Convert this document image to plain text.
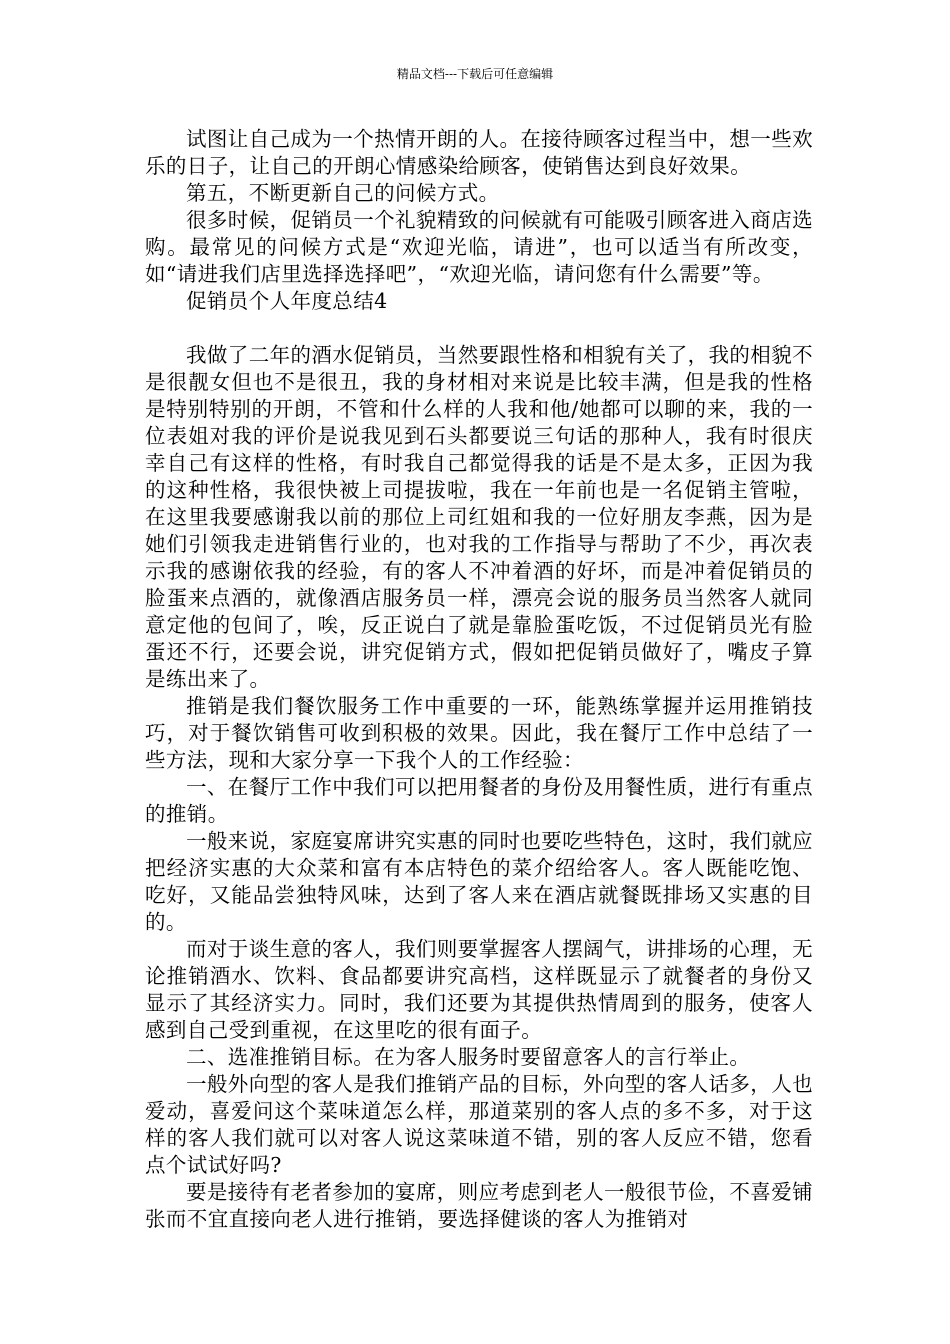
精品文档---下载后可任意编辑

试图让自己成为一个热情开朗的人。在接待顾客过程当中，想一些欢乐的日子，让自己的开朗心情感染给顾客，使销售达到良好效果。

第五，不断更新自己的问候方式。

很多时候，促销员一个礼貌精致的问候就有可能吸引顾客进入商店选购。最常见的问候方式是“欢迎光临，请进”，也可以适当有所改变，如“请进我们店里选择选择吧”，“欢迎光临，请问您有什么需要”等。

促销员个人年度总结4

我做了二年的酒水促销员，当然要跟性格和相貌有关了，我的相貌不是很靓女但也不是很丑，我的身材相对来说是比较丰满，但是我的性格是特别特别的开朗，不管和什么样的人我和他/她都可以聊的来，我的一位表姐对我的评价是说我见到石头都要说三句话的那种人，我有时很庆幸自己有这样的性格，有时我自己都觉得我的话是不是太多，正因为我的这种性格，我很快被上司提拔啦，我在一年前也是一名促销主管啦，在这里我要感谢我以前的那位上司红姐和我的一位好朋友李燕，因为是她们引领我走进销售行业的，也对我的工作指导与帮助了不少，再次表示我的感谢依我的经验，有的客人不冲着酒的好坏，而是冲着促销员的脸蛋来点酒的，就像酒店服务员一样，漂亮会说的服务员当然客人就同意定他的包间了，唉，反正说白了就是靠脸蛋吃饭，不过促销员光有脸蛋还不行，还要会说，讲究促销方式，假如把促销员做好了，嘴皮子算是练出来了。

推销是我们餐饮服务工作中重要的一环，能熟练掌握并运用推销技巧，对于餐饮销售可收到积极的效果。因此，我在餐厅工作中总结了一些方法，现和大家分享一下我个人的工作经验：

一、在餐厅工作中我们可以把用餐者的身份及用餐性质，进行有重点的推销。

一般来说，家庭宴席讲究实惠的同时也要吃些特色，这时，我们就应把经济实惠的大众菜和富有本店特色的菜介绍给客人。客人既能吃饱、吃好，又能品尝独特风味，达到了客人来在酒店就餐既排场又实惠的目的。

而对于谈生意的客人，我们则要掌握客人摆阔气，讲排场的心理，无论推销酒水、饮料、食品都要讲究高档，这样既显示了就餐者的身份又显示了其经济实力。同时，我们还要为其提供热情周到的服务，使客人感到自己受到重视，在这里吃的很有面子。

二、选准推销目标。在为客人服务时要留意客人的言行举止。

一般外向型的客人是我们推销产品的目标，外向型的客人话多，人也爱动，喜爱问这个菜味道怎么样，那道菜别的客人点的多不多，对于这样的客人我们就可以对客人说这菜味道不错，别的客人反应不错，您看点个试试好吗?

要是接待有老者参加的宴席，则应考虑到老人一般很节俭，不喜爱铺张而不宜直接向老人进行推销，要选择健谈的客人为推销对
